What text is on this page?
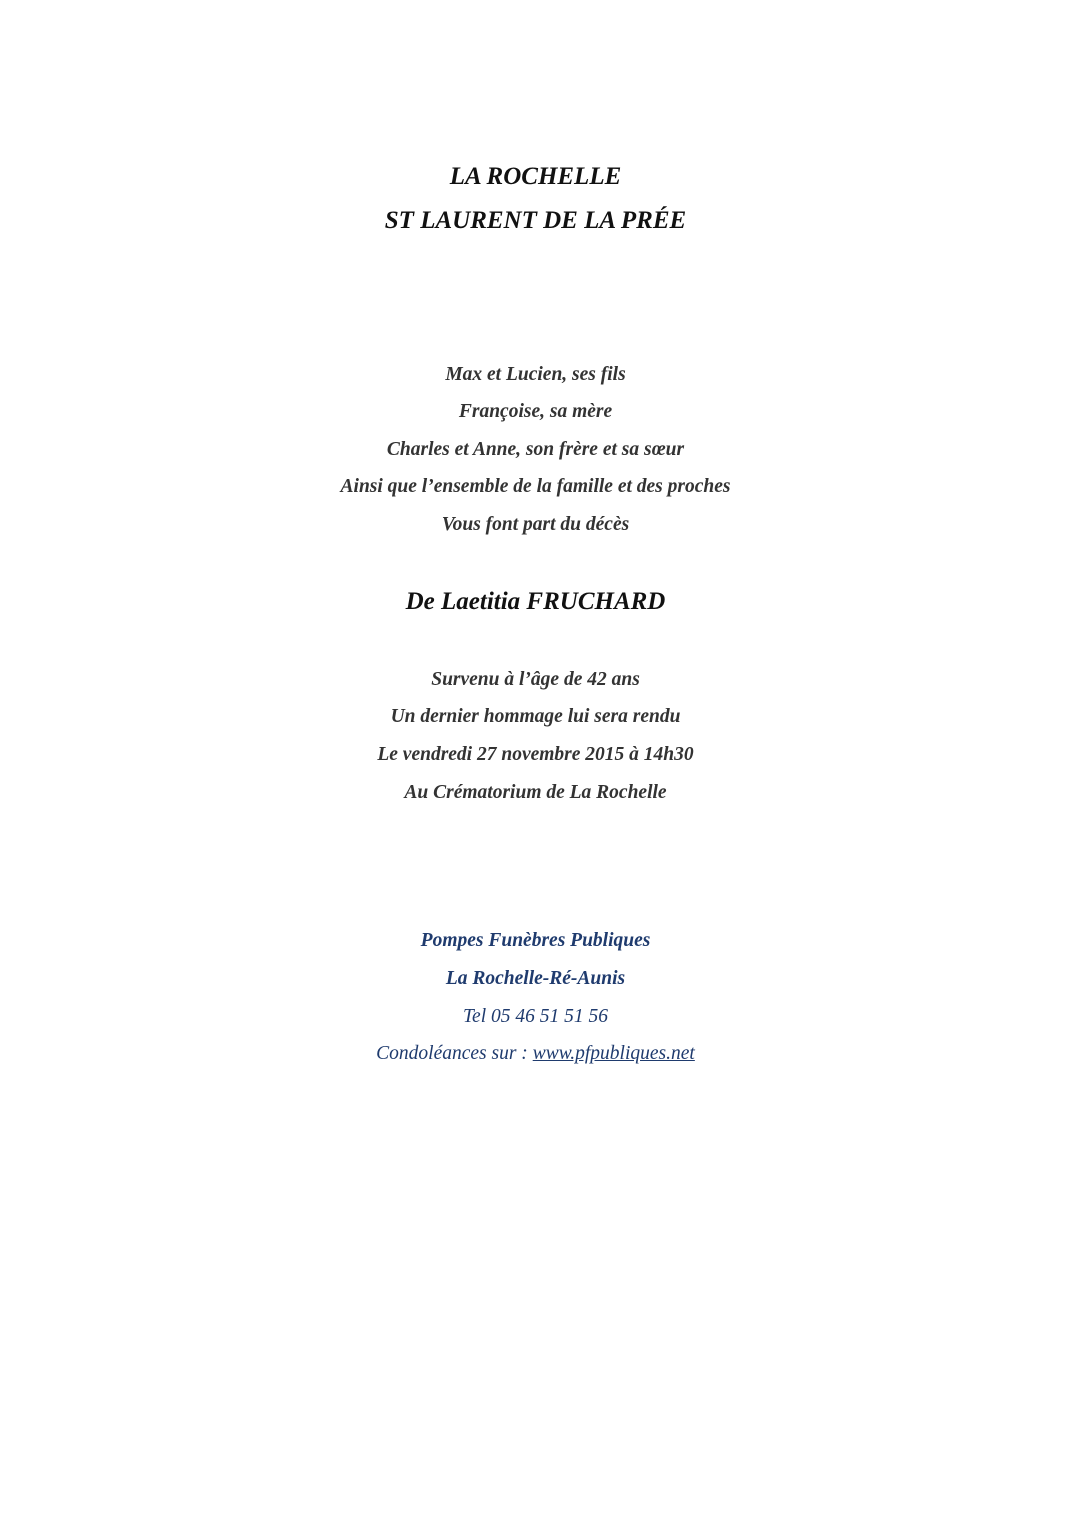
LA ROCHELLE
ST LAURENT DE LA PRÉE
Max et Lucien, ses fils
Françoise, sa mère
Charles et Anne, son frère et sa sœur
Ainsi que l’ensemble de la famille et des proches
Vous font part du décès
De Laetitia FRUCHARD
Survenu à l’âge de 42 ans
Un dernier hommage lui sera rendu
Le vendredi 27 novembre 2015 à 14h30
Au Crématorium de La Rochelle
Pompes Funèbres Publiques
La Rochelle-Ré-Aunis
Tel 05 46 51 51 56
Condoléances sur : www.pfpubliques.net
